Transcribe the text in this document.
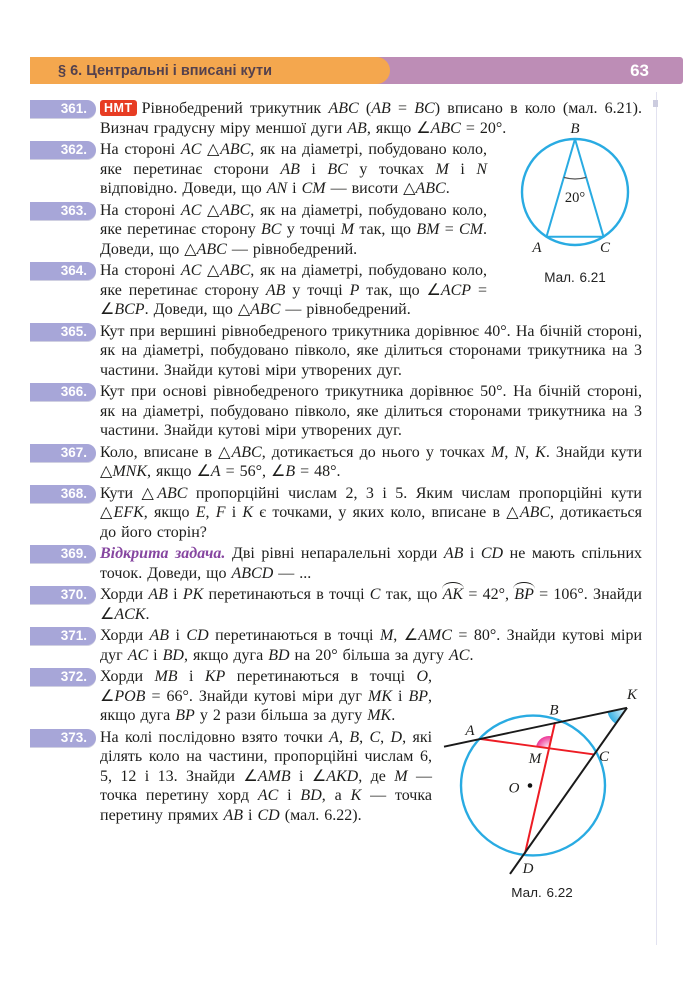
§ 6. Центральні і вписані кути	63
361.	НМТ Рівнобедрений трикутник ABC (AB = BC) вписано в коло (мал. 6.21). Визнач градусну міру меншої дуги AB, якщо ∠ABC = 20°.

362.

20°
B
A	C
Мал. 6.21
На стороні AC △ABC, як на діаметрі, побудовано коло, яке перетинає сторони AB і BC у точках M і N відповідно. Доведи, що AN і CM — висоти △ABC.

363. На стороні AC △ABC, як на діаметрі, побудовано коло, яке перетинає сторону BC у точці M так, що BM = CM. Доведи, що △ABC — рівнобедрений.

364. На стороні AC △ABC, як на діаметрі, побудовано коло, яке перетинає сторону AB у точці P так, що ∠ACP = ∠BCP. Доведи, що △ABC — рівнобедрений.

365. Кут при вершині рівнобедреного трикутника дорівнює 40°. На бічній стороні, як на діаметрі, побудовано півколо, яке ділиться сторонами трикутника на 3 частини. Знайди кутові міри утворених дуг.

366. Кут при основі рівнобедреного трикутника дорівнює 50°. На бічній стороні, як на діаметрі, побудовано півколо, яке ділиться сторонами трикутника на 3 частини. Знайди кутові міри утворених дуг.

367. Коло, вписане в △ABC, дотикається до нього у точках M, N, K. Знайди кути △MNK, якщо ∠A = 56°, ∠B = 48°.

368. Кути △ABC пропорційні числам 2, 3 і 5. Яким числам пропорційні кути △EFK, якщо E, F і K є точками, у яких коло, вписане в △ABC, дотикається до його сторін?

369. Відкрита задача. Дві рівні непаралельні хорди AB і CD не мають спільних точок. Доведи, що ABCD — ...

370. Хорди AB і PK перетинаються в точці C так, що AK = 42°, BP = 106°. Знайди ∠ACK.

371. Хорди AB і CD перетинаються в точці M, ∠AMC = 80°. Знайди кутові міри дуг AC і BD, якщо дуга BD на 20° більша за дугу AC.

372.

A
B
K
C
D
M
O
Мал. 6.22
Хорди MB і KP перетинаються в точці O, ∠POB = 66°. Знайди кутові міри дуг MK і BP, якщо дуга BP у 2 рази більша за дугу MK.

373. На колі послідовно взято точки A, B, C, D, які ділять коло на частини, пропорційні числам 6, 5, 12 і 13. Знайди ∠AMB і ∠AKD, де M — точка перетину хорд AC і BD, а K — точка перетину прямих AB і CD (мал. 6.22).
